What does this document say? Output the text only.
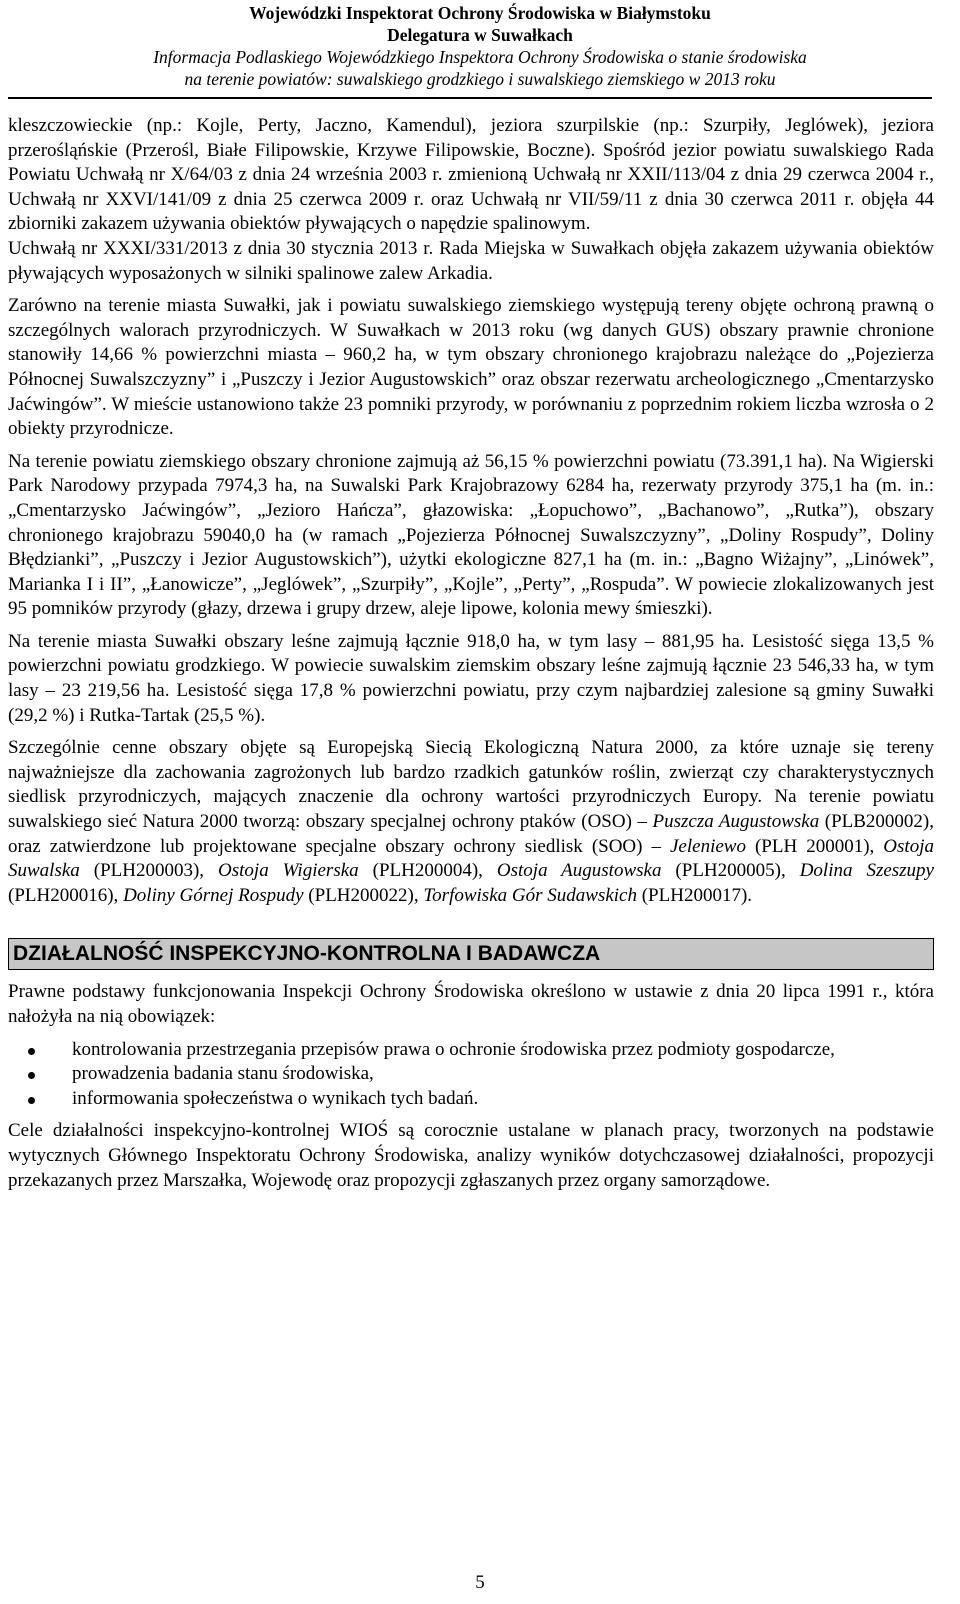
Wojewódzki Inspektorat Ochrony Środowiska w Białymstoku
Delegatura w Suwałkach
Informacja Podlaskiego Wojewódzkiego Inspektora Ochrony Środowiska o stanie środowiska
na terenie powiatów: suwalskiego grodzkiego i suwalskiego ziemskiego w 2013 roku

kleszczowieckie (np.: Kojle, Perty, Jaczno, Kamendul), jeziora szurpilskie (np.: Szurpiły, Jeglówek), jeziora przerośląńskie (Przerośl, Białe Filipowskie, Krzywe Filipowskie, Boczne). Spośród jezior powiatu suwalskiego Rada Powiatu Uchwałą nr X/64/03 z dnia 24 września 2003 r. zmienioną Uchwałą nr XXII/113/04 z dnia 29 czerwca 2004 r., Uchwałą nr XXVI/141/09 z dnia 25 czerwca 2009 r. oraz Uchwałą nr VII/59/11 z dnia 30 czerwca 2011 r. objęła 44 zbiorniki zakazem używania obiektów pływających o napędzie spalinowym.

Uchwałą nr XXXI/331/2013 z dnia 30 stycznia 2013 r. Rada Miejska w Suwałkach objęła zakazem używania obiektów pływających wyposażonych w silniki spalinowe zalew Arkadia.

Zarówno na terenie miasta Suwałki, jak i powiatu suwalskiego ziemskiego występują tereny objęte ochroną prawną o szczególnych walorach przyrodniczych. W Suwałkach w 2013 roku (wg danych GUS) obszary prawnie chronione stanowiły 14,66 % powierzchni miasta – 960,2 ha, w tym obszary chronionego krajobrazu należące do „Pojezierza Północnej Suwalszczyzny” i „Puszczy i Jezior Augustowskich” oraz obszar rezerwatu archeologicznego „Cmentarzysko Jaćwingów”. W mieście ustanowiono także 23 pomniki przyrody, w porównaniu z poprzednim rokiem liczba wzrosła o 2 obiekty przyrodnicze.

Na terenie powiatu ziemskiego obszary chronione zajmują aż 56,15 % powierzchni powiatu (73.391,1 ha). Na Wigierski Park Narodowy przypada 7974,3 ha, na Suwalski Park Krajobrazowy 6284 ha, rezerwaty przyrody 375,1 ha (m. in.: „Cmentarzysko Jaćwingów”, „Jezioro Hańcza”, głazowiska: „Łopuchowo”, „Bachanowo”, „Rutka”), obszary chronionego krajobrazu 59040,0 ha (w ramach „Pojezierza Północnej Suwalszczyzny”, „Doliny Rospudy”, Doliny Błędzianki”, „Puszczy i Jezior Augustowskich”), użytki ekologiczne 827,1 ha (m. in.: „Bagno Wiżajny”, „Linówek”, Marianka I i II”, „Łanowicze”, „Jeglówek”, „Szurpiły”, „Kojle”, „Perty”, „Rospuda”. W powiecie zlokalizowanych jest 95 pomników przyrody (głazy, drzewa i grupy drzew, aleje lipowe, kolonia mewy śmieszki).

Na terenie miasta Suwałki obszary leśne zajmują łącznie 918,0 ha, w tym lasy – 881,95 ha. Lesistość sięga 13,5 % powierzchni powiatu grodzkiego. W powiecie suwalskim ziemskim obszary leśne zajmują łącznie 23 546,33 ha, w tym lasy – 23 219,56 ha. Lesistość sięga 17,8 % powierzchni powiatu, przy czym najbardziej zalesione są gminy Suwałki (29,2 %) i Rutka-Tartak (25,5 %).

Szczególnie cenne obszary objęte są Europejską Siecią Ekologiczną Natura 2000, za które uznaje się tereny najważniejsze dla zachowania zagrożonych lub bardzo rzadkich gatunków roślin, zwierząt czy charakterystycznych siedlisk przyrodniczych, mających znaczenie dla ochrony wartości przyrodniczych Europy. Na terenie powiatu suwalskiego sieć Natura 2000 tworzą: obszary specjalnej ochrony ptaków (OSO) – Puszcza Augustowska (PLB200002), oraz zatwierdzone lub projektowane specjalne obszary ochrony siedlisk (SOO) – Jeleniewo (PLH 200001), Ostoja Suwalska (PLH200003), Ostoja Wigierska (PLH200004), Ostoja Augustowska (PLH200005), Dolina Szeszupy (PLH200016), Doliny Górnej Rospudy (PLH200022), Torfowiska Gór Sudawskich (PLH200017).

DZIAŁALNOŚĆ INSPEKCYJNO-KONTROLNA I BADAWCZA

Prawne podstawy funkcjonowania Inspekcji Ochrony Środowiska określono w ustawie z dnia 20 lipca 1991 r., która nałożyła na nią obowiązek:

kontrolowania przestrzegania przepisów prawa o ochronie środowiska przez podmioty gospodarcze,
prowadzenia badania stanu środowiska,
informowania społeczeństwa o wynikach tych badań.

Cele działalności inspekcyjno-kontrolnej WIOŚ są corocznie ustalane w planach pracy, tworzonych na podstawie wytycznych Głównego Inspektoratu Ochrony Środowiska, analizy wyników dotychczasowej działalności, propozycji przekazanych przez Marszałka, Wojewodę oraz propozycji zgłaszanych przez organy samorządowe.

5
